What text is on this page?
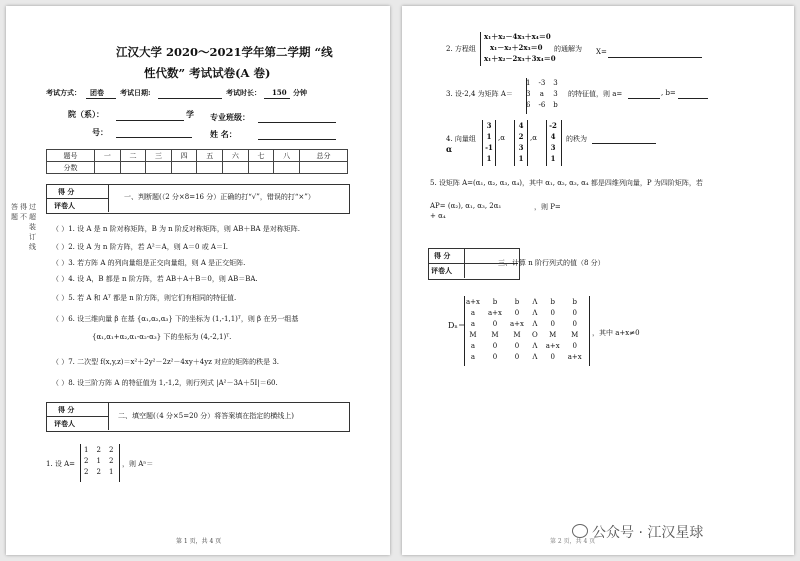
江汉大学 2020～2021学年第二学期 “线
性代数” 考试试卷(A 卷)
考试方式： 团卷 考试日期:	考试时长： 150 分钟
院（系）：	学
号：
专业班级：
姓 名：
题号	一	二	三	四	五	六	七	八	总分
分数									
答 得 过
题 不 超
装
订
线
得 分
评卷人
一、判断题(（2 分×8=16 分）正确的打“√”，错误的打“×”）
（ ）1. 设 A 是 n 阶对称矩阵，B 为 n 阶反对称矩阵，则 AB＋BA 是对称矩阵.
（ ）2. 设 A 为 n 阶方阵，若 A²＝A，则 A＝0 或 A＝I.
（ ）3. 若方阵 A 的列向量组是正交向量组，则 A 是正交矩阵.
（ ）4. 设 A，B 都是 n 阶方阵，若 AB＋A＋B＝0，则 AB＝BA.
（ ）5. 若 A 和 Aᵀ 都是 n 阶方阵，则它们有相同的特征值.
（ ）6. 设三维向量 β 在基 {α₁,α₂,α₃} 下的坐标为 (1,-1,1)ᵀ，则 β 在另一组基
{α₁,α₁+α₂,α₁-α₂-α₃} 下的坐标为 (4,-2,1)ᵀ.
（ ）7. 二次型 f(x,y,z)＝x²＋2y²－2z²－4xy＋4yz 对应的矩阵的秩是 3.
（ ）8. 设三阶方阵 A 的特征值为 1,-1,2，则行列式 |A²－3A＋5I|＝60.
得 分
评卷人
二、填空题(（4 分×5=20 分）将答案填在指定的横线上)
1. 设 A=
1	2	2
2	1	2
2	2	1
，则 Aⁿ＝
第 1 页，共 4 页
2. 方程组
x₁＋x₂－4x₃＋x₄＝0
x₁－x₂＋2x₃＝0
x₁＋x₂－2x₃＋3x₄＝0
的通解为 X=
3. 设-2,4 为矩阵 A＝
1	-3	3
3	a	3
6	-6	b
的特征值，则 a=	, b=
4. 向量组
α
3
1
-1
1
,α
4
2
3
1
,α
-2
4
3
1
的秩为
5. 设矩阵 A=(α₁, α₂, α₃, α₄)，其中 α₁, α₂, α₃, α₄ 都是四维列向量，P 为四阶矩阵，若
AP= (α₂), α₁, α₃, 2α₁
+ α₄
，则 P=
得 分
评卷人
三、计算 n 阶行列式的值（8 分）
Dₙ＝
a+x	b	b	Λ	b	b
a	a+x	0	Λ	0	0
a	0	a+x	Λ	0	0
M	M	M	O	M	M
a	0	0	Λ	a+x	0
a	0	0	Λ	0	a+x
，其中 a+x≠0
公众号 · 江汉星球
第 2 页，共 4 页
